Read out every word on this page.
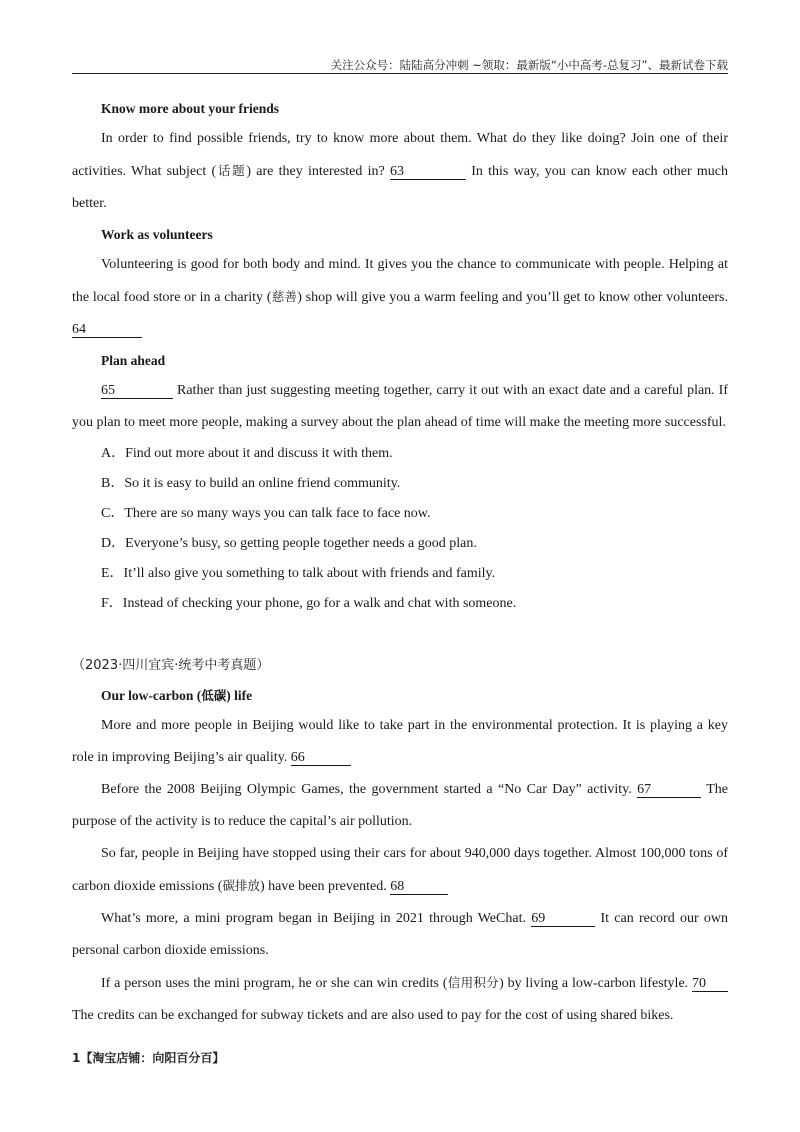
关注公众号：陆陆高分冲刺 ~领取：最新版“小中高考-总复习”、最新试卷下载

Know more about your friends

In order to find possible friends, try to know more about them. What do they like doing? Join one of their activities. What subject (话题) are they interested in? 63	In this way, you can know each other much better.

Work as volunteers

Volunteering is good for both body and mind. It gives you the chance to communicate with people. Helping at the local food store or in a charity (慈善) shop will give you a warm feeling and you’ll get to know other volunteers. 64

Plan ahead

65	Rather than just suggesting meeting together, carry it out with an exact date and a careful plan. If you plan to meet more people, making a survey about the plan ahead of time will make the meeting more successful.

A．Find out more about it and discuss it with them.

B．So it is easy to build an online friend community.

C．There are so many ways you can talk face to face now.

D．Everyone’s busy, so getting people together needs a good plan.

E．It’ll also give you something to talk about with friends and family.

F．Instead of checking your phone, go for a walk and chat with someone.

（2023·四川宜宾·统考中考真题）

Our low-carbon (低碳) life

More and more people in Beijing would like to take part in the environmental protection. It is playing a key role in improving Beijing’s air quality. 66

Before the 2008 Beijing Olympic Games, the government started a “No Car Day” activity. 67	The purpose of the activity is to reduce the capital’s air pollution.

So far, people in Beijing have stopped using their cars for about 940,000 days together. Almost 100,000 tons of carbon dioxide emissions (碳排放) have been prevented. 68

What’s more, a mini program began in Beijing in 2021 through WeChat. 69	It can record our own personal carbon dioxide emissions.

If a person uses the mini program, he or she can win credits (信用积分) by living a low-carbon lifestyle. 70 The credits can be exchanged for subway tickets and are also used to pay for the cost of using shared bikes.

1【淘宝店铺：向阳百分百】
